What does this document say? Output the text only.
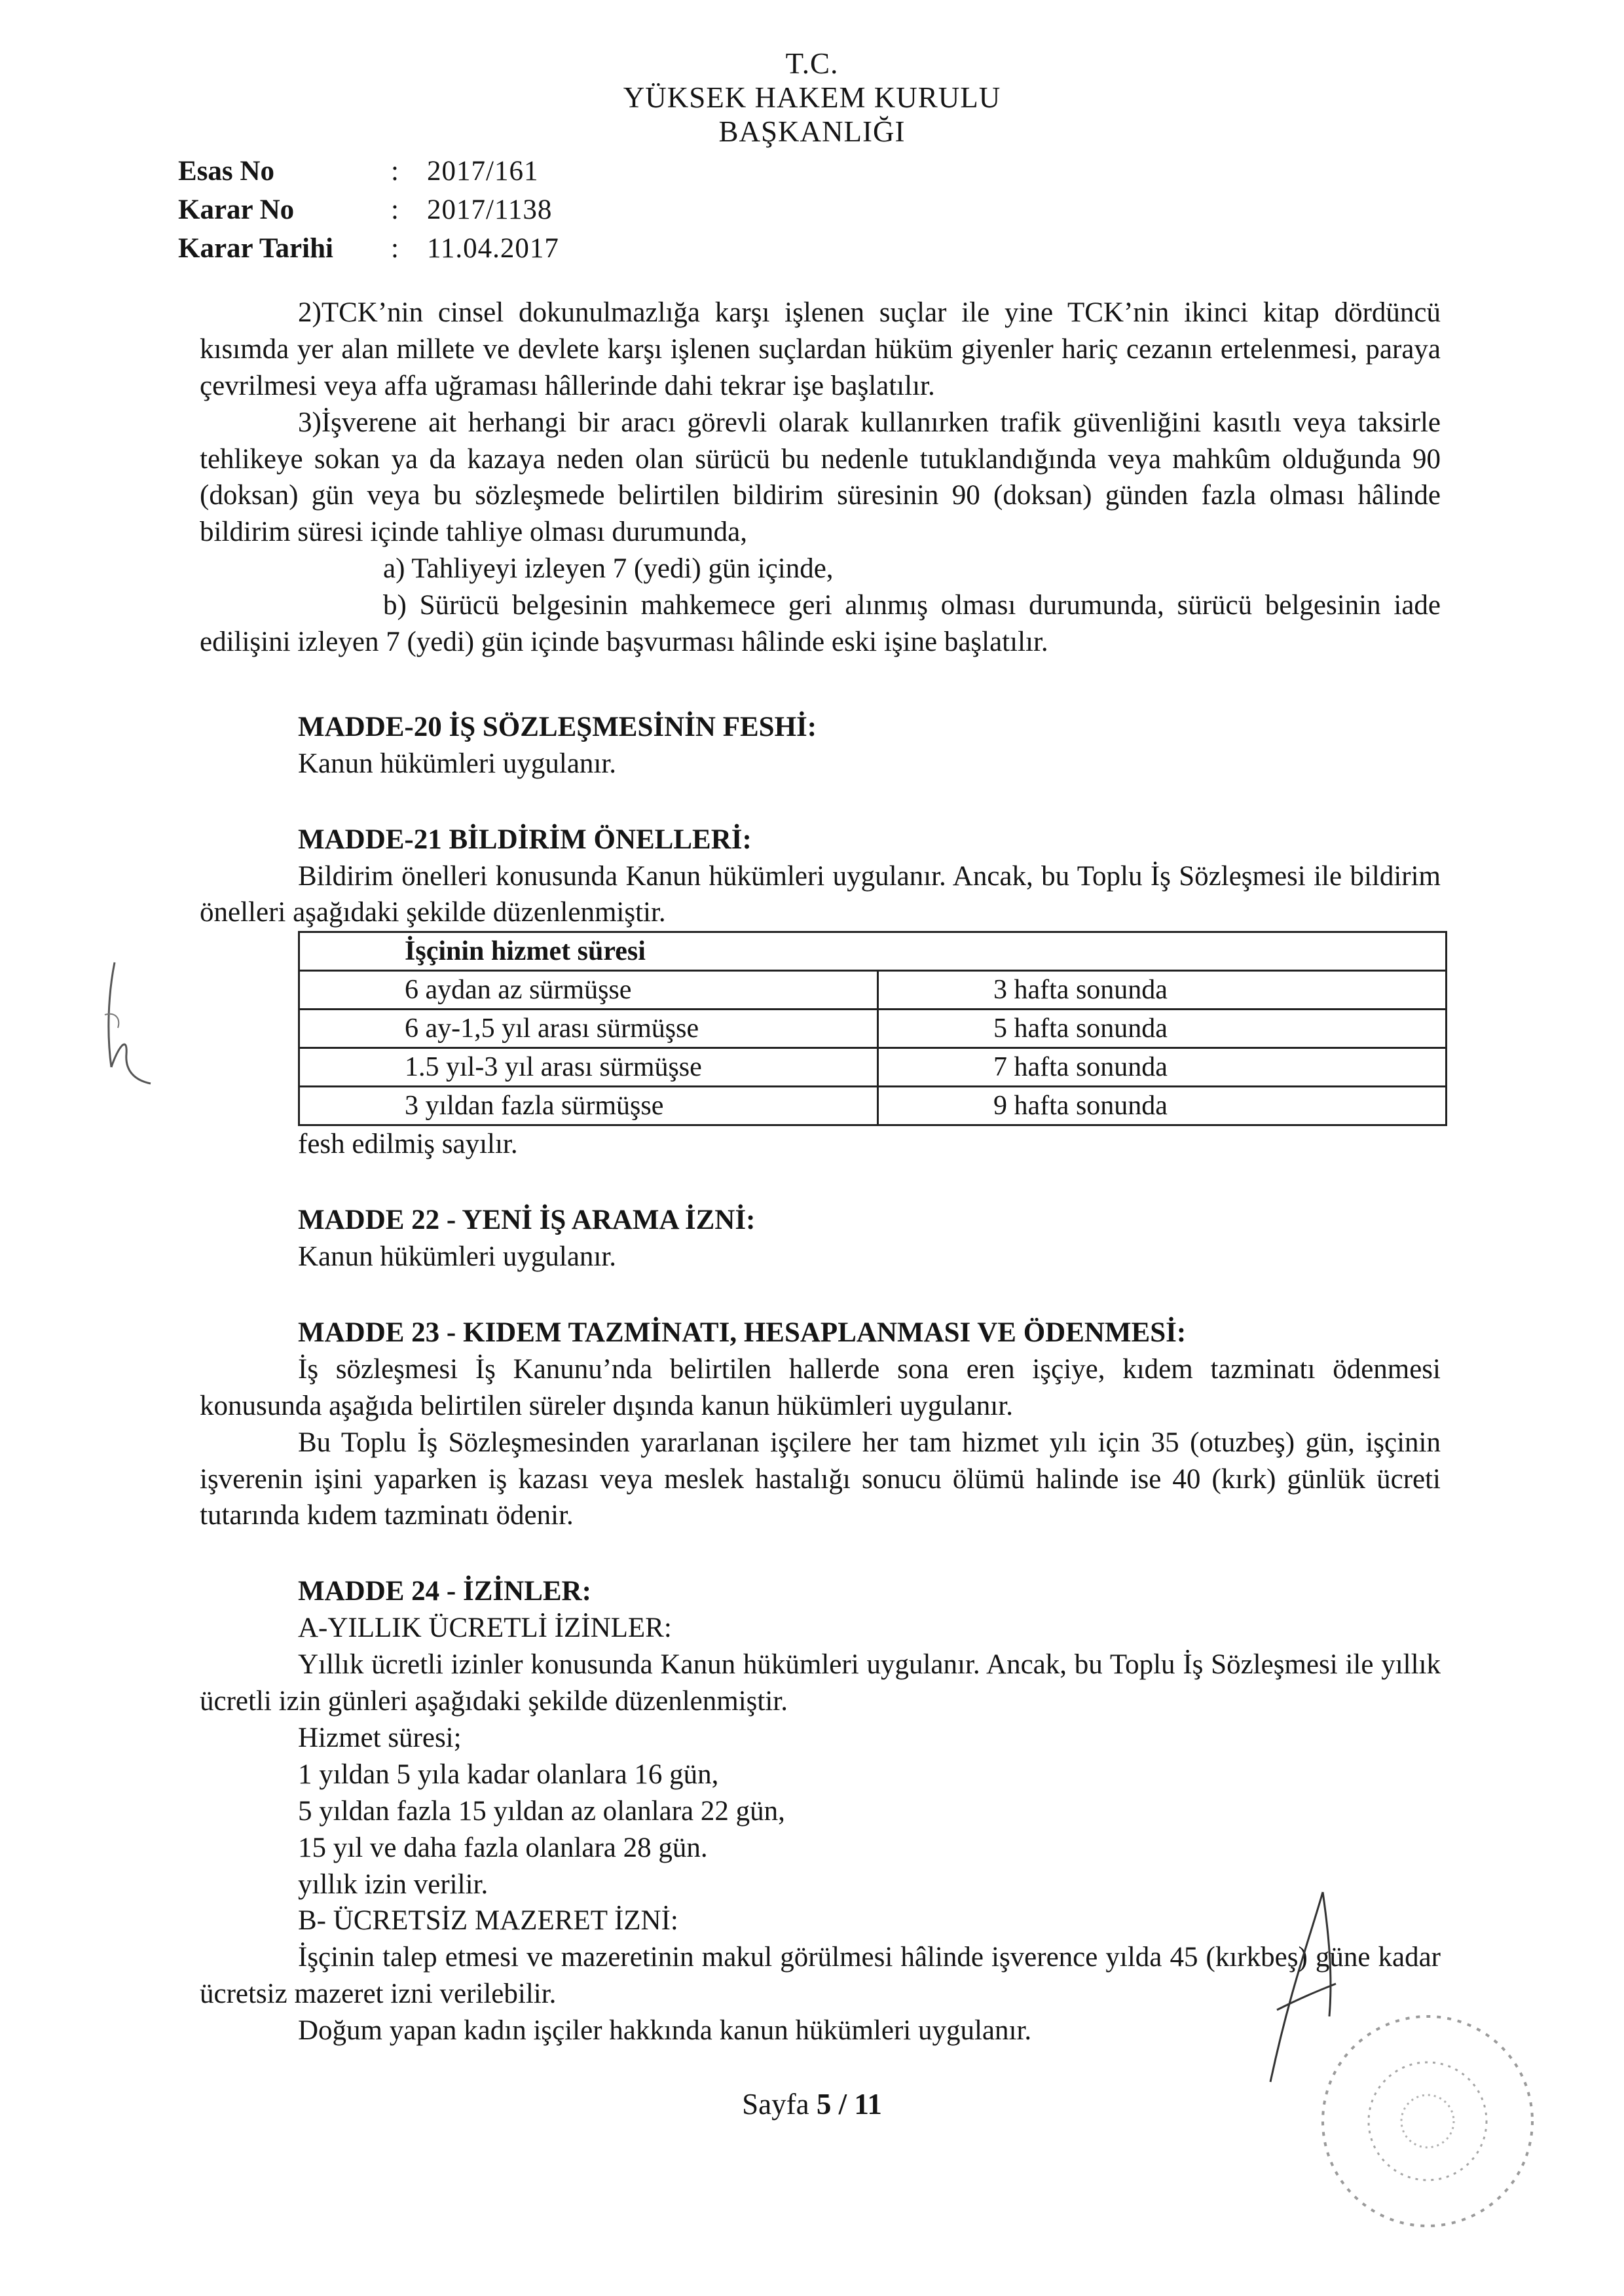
T.C.
YÜKSEK HAKEM KURULU
BAŞKANLIĞI
Esas No	:	2017/161
Karar No	:	2017/1138
Karar Tarihi	:	11.04.2017

2)TCK’nin cinsel dokunulmazlığa karşı işlenen suçlar ile yine TCK’nin ikinci kitap dördüncü kısımda yer alan millete ve devlete karşı işlenen suçlardan hüküm giyenler hariç cezanın ertelenmesi, paraya çevrilmesi veya affa uğraması hâllerinde dahi tekrar işe başlatılır.

3)İşverene ait herhangi bir aracı görevli olarak kullanırken trafik güvenliğini kasıtlı veya taksirle tehlikeye sokan ya da kazaya neden olan sürücü bu nedenle tutuklandığında veya mahkûm olduğunda 90 (doksan) gün veya bu sözleşmede belirtilen bildirim süresinin 90 (doksan) günden fazla olması hâlinde bildirim süresi içinde tahliye olması durumunda,

a) Tahliyeyi izleyen 7 (yedi) gün içinde,

b) Sürücü belgesinin mahkemece geri alınmış olması durumunda, sürücü belgesinin iade edilişini izleyen 7 (yedi) gün içinde başvurması hâlinde eski işine başlatılır.

MADDE-20 İŞ SÖZLEŞMESİNİN FESHİ:

Kanun hükümleri uygulanır.

MADDE-21 BİLDİRİM ÖNELLERİ:

Bildirim önelleri konusunda Kanun hükümleri uygulanır. Ancak, bu Toplu İş Sözleşmesi ile bildirim önelleri aşağıdaki şekilde düzenlenmiştir.

İşçinin hizmet süresi	
6 aydan az sürmüşse	3 hafta sonunda
6 ay-1,5 yıl arası sürmüşse	5 hafta sonunda
1.5 yıl-3 yıl arası sürmüşse	7 hafta sonunda
3 yıldan fazla sürmüşse	9 hafta sonunda

fesh edilmiş sayılır.

MADDE 22 - YENİ İŞ ARAMA İZNİ:

Kanun hükümleri uygulanır.

MADDE 23 - KIDEM TAZMİNATI, HESAPLANMASI VE ÖDENMESİ:

İş sözleşmesi İş Kanunu’nda belirtilen hallerde sona eren işçiye, kıdem tazminatı ödenmesi konusunda aşağıda belirtilen süreler dışında kanun hükümleri uygulanır.

Bu Toplu İş Sözleşmesinden yararlanan işçilere her tam hizmet yılı için 35 (otuzbeş) gün, işçinin işverenin işini yaparken iş kazası veya meslek hastalığı sonucu ölümü halinde ise 40 (kırk) günlük ücreti tutarında kıdem tazminatı ödenir.

MADDE 24 - İZİNLER:

A-YILLIK ÜCRETLİ İZİNLER:

Yıllık ücretli izinler konusunda Kanun hükümleri uygulanır. Ancak, bu Toplu İş Sözleşmesi ile yıllık ücretli izin günleri aşağıdaki şekilde düzenlenmiştir.

Hizmet süresi;

1 yıldan 5 yıla kadar olanlara 16 gün,

5 yıldan fazla 15 yıldan az olanlara 22 gün,

15 yıl ve daha fazla olanlara 28 gün.

yıllık izin verilir.

B- ÜCRETSİZ MAZERET İZNİ:

İşçinin talep etmesi ve mazeretinin makul görülmesi hâlinde işverence yılda 45 (kırkbeş) güne kadar ücretsiz mazeret izni verilebilir.

Doğum yapan kadın işçiler hakkında kanun hükümleri uygulanır.

Sayfa 5 / 11
